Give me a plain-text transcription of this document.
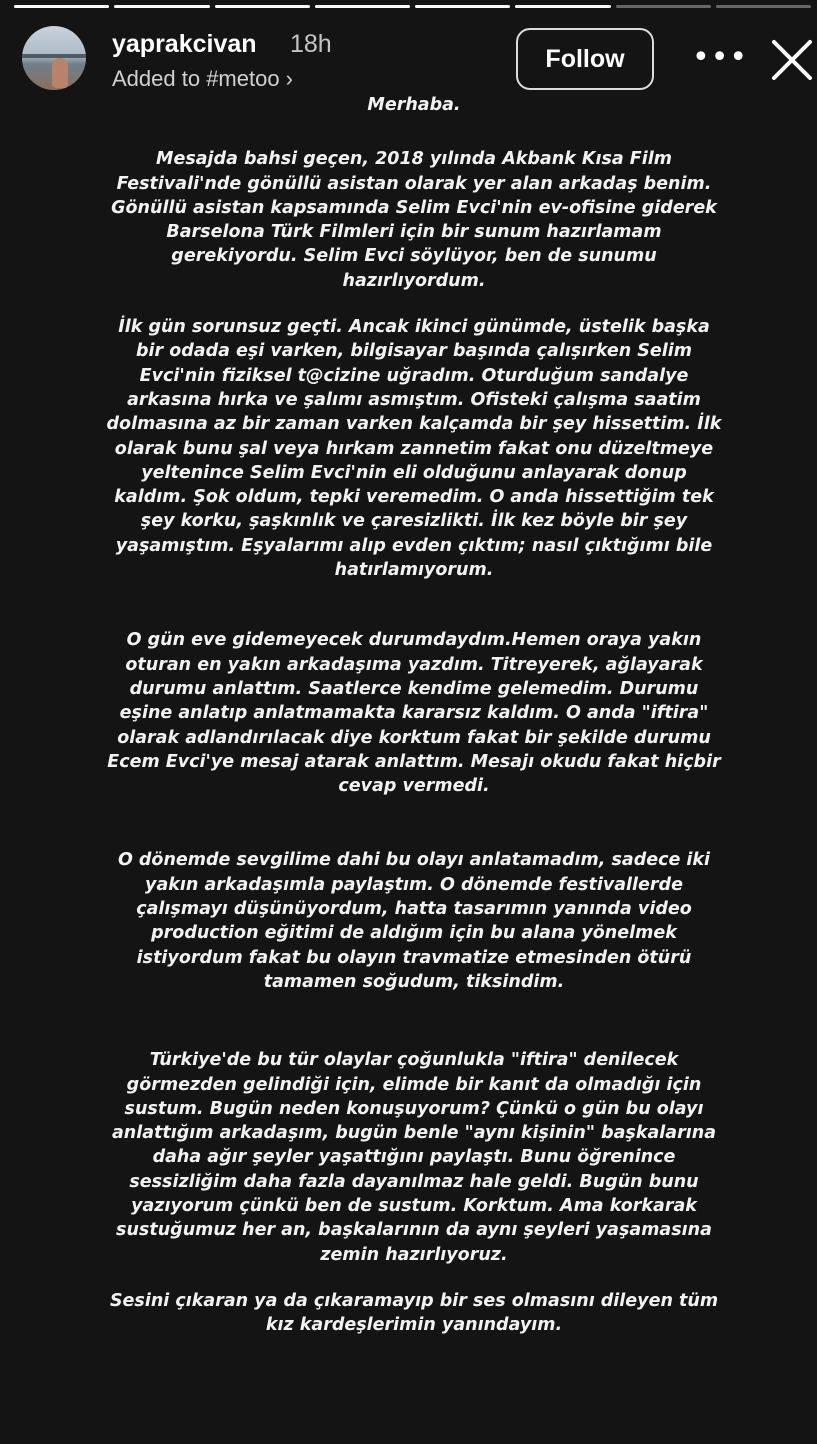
yaprakcivan 18h
Added to #metoo ›
Follow	•••

Merhaba.

Mesajda bahsi geçen, 2018 yılında Akbank Kısa Film Festivali'nde gönüllü asistan olarak yer alan arkadaş benim. Gönüllü asistan kapsamında Selim Evci'nin ev-ofisine giderek Barselona Türk Filmleri için bir sunum hazırlamam gerekiyordu. Selim Evci söylüyor, ben de sunumu hazırlıyordum.

İlk gün sorunsuz geçti. Ancak ikinci günümde, üstelik başka bir odada eşi varken, bilgisayar başında çalışırken Selim Evci'nin fiziksel t@cizine uğradım. Oturduğum sandalye arkasına hırka ve şalımı asmıştım. Ofisteki çalışma saatim dolmasına az bir zaman varken kalçamda bir şey hissettim. İlk olarak bunu şal veya hırkam zannetim fakat onu düzeltmeye yeltenince Selim Evci'nin eli olduğunu anlayarak donup kaldım. Şok oldum, tepki veremedim. O anda hissettiğim tek şey korku, şaşkınlık ve çaresizlikti. İlk kez böyle bir şey yaşamıştım. Eşyalarımı alıp evden çıktım; nasıl çıktığımı bile hatırlamıyorum.

O gün eve gidemeyecek durumdaydım.Hemen oraya yakın oturan en yakın arkadaşıma yazdım. Titreyerek, ağlayarak durumu anlattım. Saatlerce kendime gelemedim. Durumu eşine anlatıp anlatmamakta kararsız kaldım. O anda "iftira" olarak adlandırılacak diye korktum fakat bir şekilde durumu Ecem Evci'ye mesaj atarak anlattım. Mesajı okudu fakat hiçbir cevap vermedi.

O dönemde sevgilime dahi bu olayı anlatamadım, sadece iki yakın arkadaşımla paylaştım. O dönemde festivallerde çalışmayı düşünüyordum, hatta tasarımın yanında video production eğitimi de aldığım için bu alana yönelmek istiyordum fakat bu olayın travmatize etmesinden ötürü tamamen soğudum, tiksindim.

Türkiye'de bu tür olaylar çoğunlukla "iftira" denilecek görmezden gelindiği için, elimde bir kanıt da olmadığı için sustum. Bugün neden konuşuyorum? Çünkü o gün bu olayı anlattığım arkadaşım, bugün benle "aynı kişinin" başkalarına daha ağır şeyler yaşattığını paylaştı. Bunu öğrenince sessizliğim daha fazla dayanılmaz hale geldi. Bugün bunu yazıyorum çünkü ben de sustum. Korktum. Ama korkarak sustuğumuz her an, başkalarının da aynı şeyleri yaşamasına zemin hazırlıyoruz.

Sesini çıkaran ya da çıkaramayıp bir ses olmasını dileyen tüm kız kardeşlerimin yanındayım.
